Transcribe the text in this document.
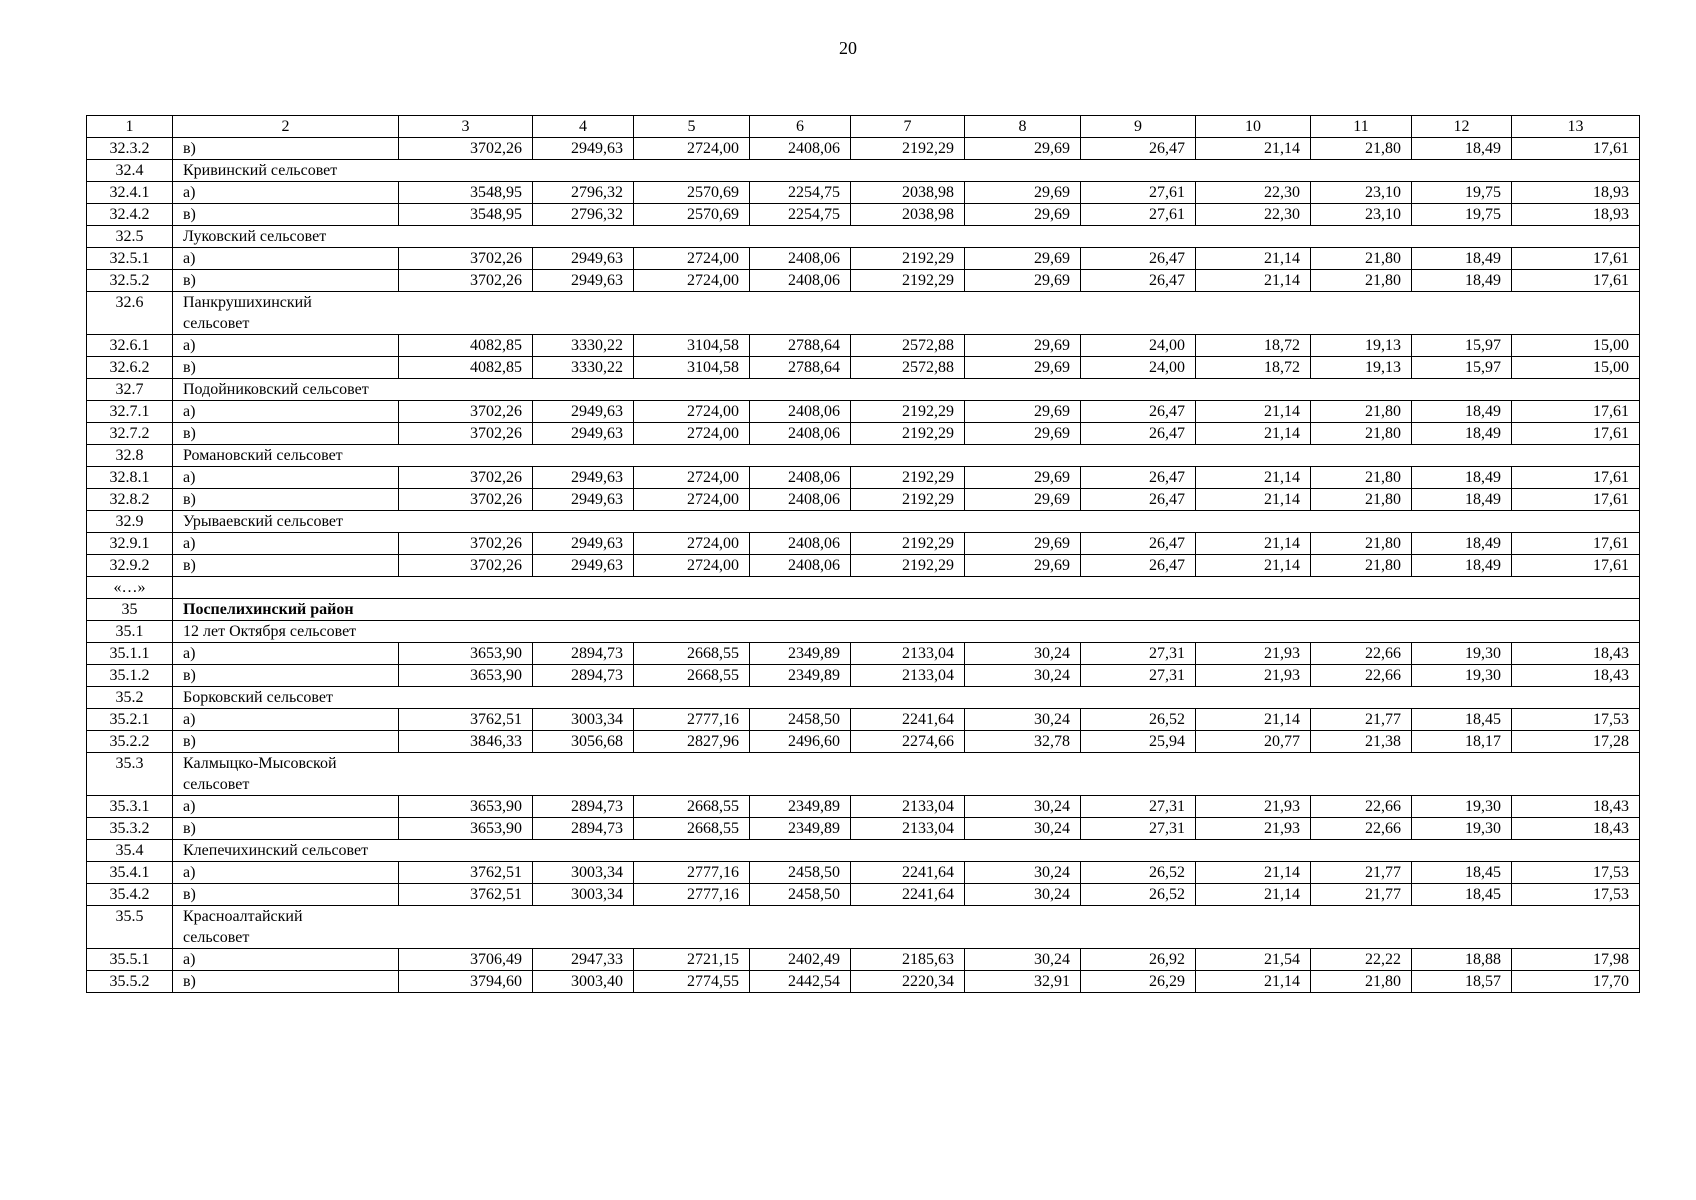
20
1	2	3	4	5	6	7	8	9	10	11	12	13
32.3.2	в)	3702,26	2949,63	2724,00	2408,06	2192,29	29,69	26,47	21,14	21,80	18,49	17,61
32.4	Кривинский сельсовет											
32.4.1	а)	3548,95	2796,32	2570,69	2254,75	2038,98	29,69	27,61	22,30	23,10	19,75	18,93
32.4.2	в)	3548,95	2796,32	2570,69	2254,75	2038,98	29,69	27,61	22,30	23,10	19,75	18,93
32.5	Луковский сельсовет											
32.5.1	а)	3702,26	2949,63	2724,00	2408,06	2192,29	29,69	26,47	21,14	21,80	18,49	17,61
32.5.2	в)	3702,26	2949,63	2724,00	2408,06	2192,29	29,69	26,47	21,14	21,80	18,49	17,61
32.6	Панкрушихинский сельсовет											
32.6.1	а)	4082,85	3330,22	3104,58	2788,64	2572,88	29,69	24,00	18,72	19,13	15,97	15,00
32.6.2	в)	4082,85	3330,22	3104,58	2788,64	2572,88	29,69	24,00	18,72	19,13	15,97	15,00
32.7	Подойниковский сельсовет											
32.7.1	а)	3702,26	2949,63	2724,00	2408,06	2192,29	29,69	26,47	21,14	21,80	18,49	17,61
32.7.2	в)	3702,26	2949,63	2724,00	2408,06	2192,29	29,69	26,47	21,14	21,80	18,49	17,61
32.8	Романовский сельсовет											
32.8.1	а)	3702,26	2949,63	2724,00	2408,06	2192,29	29,69	26,47	21,14	21,80	18,49	17,61
32.8.2	в)	3702,26	2949,63	2724,00	2408,06	2192,29	29,69	26,47	21,14	21,80	18,49	17,61
32.9	Урываевский сельсовет											
32.9.1	а)	3702,26	2949,63	2724,00	2408,06	2192,29	29,69	26,47	21,14	21,80	18,49	17,61
32.9.2	в)	3702,26	2949,63	2724,00	2408,06	2192,29	29,69	26,47	21,14	21,80	18,49	17,61
«…»												
35	Поспелихинский район											
35.1	12 лет Октября сельсовет											
35.1.1	а)	3653,90	2894,73	2668,55	2349,89	2133,04	30,24	27,31	21,93	22,66	19,30	18,43
35.1.2	в)	3653,90	2894,73	2668,55	2349,89	2133,04	30,24	27,31	21,93	22,66	19,30	18,43
35.2	Борковский сельсовет											
35.2.1	а)	3762,51	3003,34	2777,16	2458,50	2241,64	30,24	26,52	21,14	21,77	18,45	17,53
35.2.2	в)	3846,33	3056,68	2827,96	2496,60	2274,66	32,78	25,94	20,77	21,38	18,17	17,28
35.3	Калмыцко-Мысовской сельсовет											
35.3.1	а)	3653,90	2894,73	2668,55	2349,89	2133,04	30,24	27,31	21,93	22,66	19,30	18,43
35.3.2	в)	3653,90	2894,73	2668,55	2349,89	2133,04	30,24	27,31	21,93	22,66	19,30	18,43
35.4	Клепечихинский сельсовет											
35.4.1	а)	3762,51	3003,34	2777,16	2458,50	2241,64	30,24	26,52	21,14	21,77	18,45	17,53
35.4.2	в)	3762,51	3003,34	2777,16	2458,50	2241,64	30,24	26,52	21,14	21,77	18,45	17,53
35.5	Красноалтайский сельсовет											
35.5.1	а)	3706,49	2947,33	2721,15	2402,49	2185,63	30,24	26,92	21,54	22,22	18,88	17,98
35.5.2	в)	3794,60	3003,40	2774,55	2442,54	2220,34	32,91	26,29	21,14	21,80	18,57	17,70
